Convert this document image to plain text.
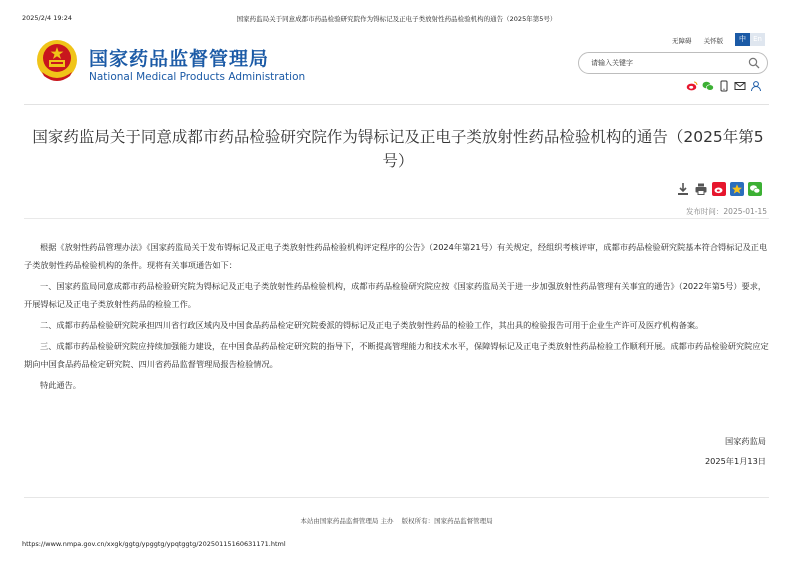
2025/2/4 19:24	国家药监局关于同意成都市药品检验研究院作为锝标记及正电子类放射性药品检验机构的通告（2025年第5号）
国家药品监督管理局
National Medical Products Administration
无障碍 关怀版	中	En
请输入关键字
国家药监局关于同意成都市药品检验研究院作为锝标记及正电子类放射性药品检验机构的通告（2025年第5号）
发布时间：2025-01-15

根据《放射性药品管理办法》《国家药监局关于发布锝标记及正电子类放射性药品检验机构评定程序的公告》（2024年第21号）有关规定，经组织考核评审，成都市药品检验研究院基本符合锝标记及正电子类放射性药品检验机构的条件。现将有关事项通告如下：

一、国家药监局同意成都市药品检验研究院为锝标记及正电子类放射性药品检验机构，成都市药品检验研究院应按《国家药监局关于进一步加强放射性药品管理有关事宜的通告》（2022年第5号）要求，开展锝标记及正电子类放射性药品的检验工作。

二、成都市药品检验研究院承担四川省行政区域内及中国食品药品检定研究院委派的锝标记及正电子类放射性药品的检验工作，其出具的检验报告可用于企业生产许可及医疗机构备案。

三、成都市药品检验研究院应持续加强能力建设，在中国食品药品检定研究院的指导下，不断提高管理能力和技术水平，保障锝标记及正电子类放射性药品检验工作顺利开展。成都市药品检验研究院应定期向中国食品药品检定研究院、四川省药品监督管理局报告检验情况。

特此通告。

国家药监局
2025年1月13日
本站由国家药品监督管理局 主办 版权所有：国家药品监督管理局
https://www.nmpa.gov.cn/xxgk/ggtg/ypggtg/ypqtggtg/20250115160631171.html
